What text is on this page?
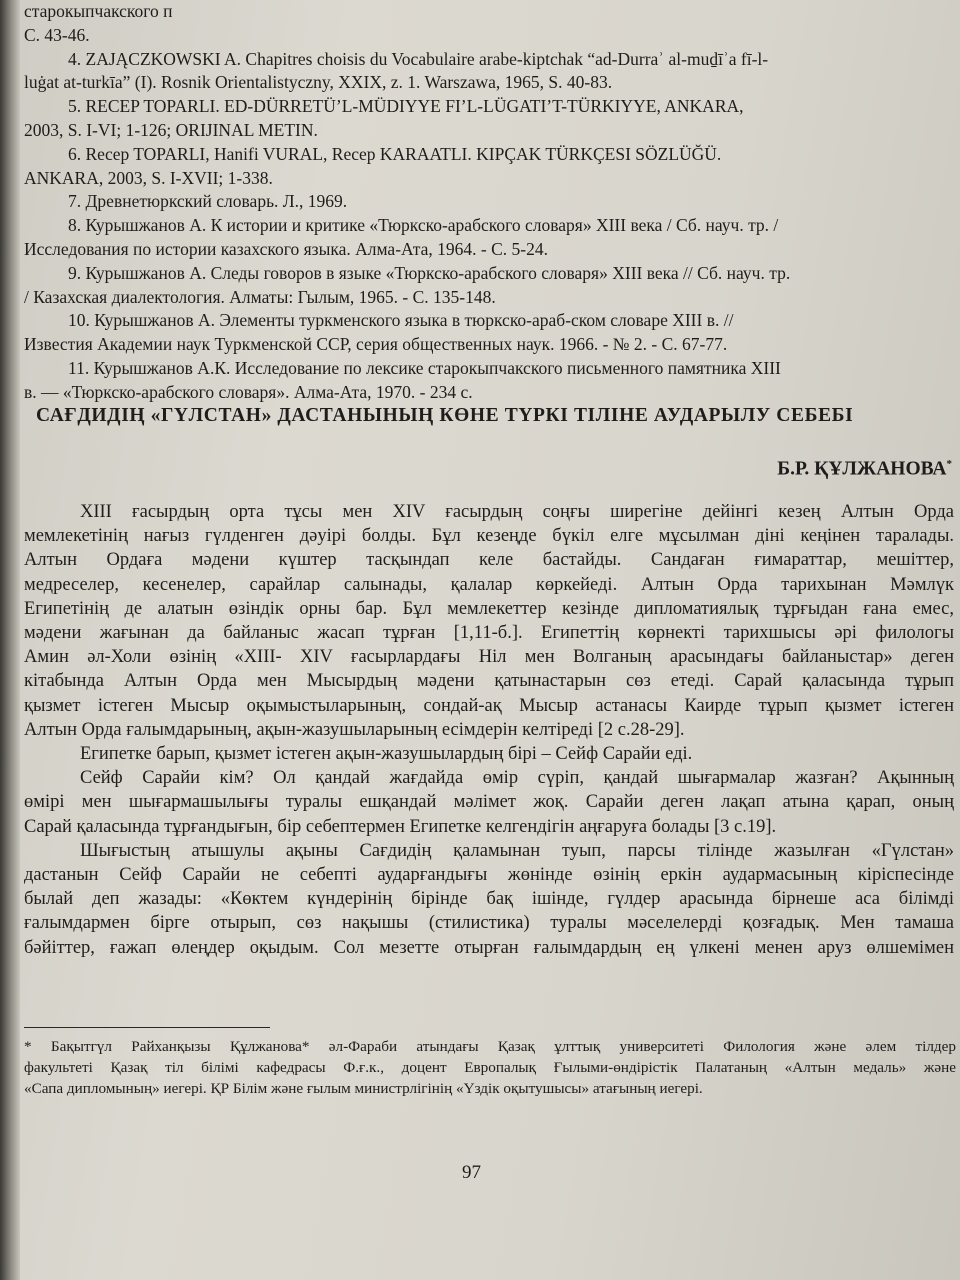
старокыпчакского п

С. 43-46.

4. ZAJĄCZKOWSKI A. Chapitres choisis du Vocabulaire arabe-kiptchak “ad-Durraʾ al-muḏīʾa fī-l-

luġat at-turkīa” (I). Rosnik Orientalistyczny, XXIX, z. 1. Warszawa, 1965, S. 40-83.

5. RECEP TOPARLI. ED-DÜRRETÜ’L-MÜDIYYE FI’L-LÜGATI’T-TÜRKIYYE, ANKARA,

2003, S. I-VI; 1-126; ORIJINAL METIN.

6. Recep TOPARLI, Hanifi VURAL, Recep KARAATLI. KIPÇAK TÜRKÇESI SÖZLÜĞÜ.

ANKARA, 2003, S. I-XVII; 1-338.

7. Древнетюркский словарь. Л., 1969.

8. Курышжанов А. К истории и критике «Тюркско-арабского словаря» XIII века / Сб. науч. тр. /

Исследования по истории казахского языка. Алма-Ата, 1964. - С. 5-24.

9. Курышжанов А. Следы говоров в языке «Тюркско-арабского словаря» XIII века // Сб. науч. тр.

/ Казахская диалектология. Алматы: Гылым, 1965. - С. 135-148.

10. Курышжанов А. Элементы туркменского языка в тюркско-араб-ском словаре XIII в. //

Известия Академии наук Туркменской ССР, серия общественных наук. 1966. - № 2. - С. 67-77.

11. Курышжанов А.К. Исследование по лексике старокыпчакского письменного памятника XIII

в. — «Тюркско-арабского словаря». Алма-Ата, 1970. - 234 с.

САҒДИДІҢ «ГҮЛСТАН» ДАСТАНЫНЫҢ КӨНЕ ТҮРКІ ТІЛІНЕ АУДАРЫЛУ СЕБЕБІ

Б.Р. ҚҰЛЖАНОВА*

XIII ғасырдың орта тұсы мен XIV ғасырдың соңғы ширегіне дейінгі кезең Алтын Орда
мемлекетінің нағыз гүлденген дәуірі болды. Бұл кезеңде бүкіл елге мұсылман діні кеңінен таралады.
Алтын Ордаға мәдени күштер тасқындап келе бастайды. Сандаған ғимараттар, мешіттер,
медреселер, кесенелер, сарайлар салынады, қалалар көркейеді. Алтын Орда тарихынан Мәмлүк
Египетінің де алатын өзіндік орны бар. Бұл мемлекеттер кезінде дипломатиялық тұрғыдан ғана емес,
мәдени жағынан да байланыс жасап тұрған [1,11-б.]. Египеттің көрнекті тарихшысы әрі филологы
Амин әл-Холи өзінің «XIII- XIV ғасырлардағы Ніл мен Волганың арасындағы байланыстар» деген
кітабында Алтын Орда мен Мысырдың мәдени қатынастарын сөз етеді. Сарай қаласында тұрып
қызмет істеген Мысыр оқымыстыларының, сондай-ақ Мысыр астанасы Каирде тұрып қызмет істеген
Алтын Орда ғалымдарының, ақын-жазушыларының есімдерін келтіреді [2 с.28-29].

Египетке барып, қызмет істеген ақын-жазушылардың бірі – Сейф Сарайи еді.

Сейф Сарайи кім? Ол қандай жағдайда өмір сүріп, қандай шығармалар жазған? Ақынның
өмірі мен шығармашылығы туралы ешқандай мәлімет жоқ. Сарайи деген лақап атына қарап, оның
Сарай қаласында тұрғандығын, бір себептермен Египетке келгендігін аңғаруға болады [3 с.19].

Шығыстың атышулы ақыны Сағдидің қаламынан туып, парсы тілінде жазылған «Гүлстан»
дастанын Сейф Сарайи не себепті аударғандығы жөнінде өзінің еркін аудармасының кіріспесінде
былай деп жазады: «Көктем күндерінің бірінде бақ ішінде, гүлдер арасында бірнеше аса білімді
ғалымдармен бірге отырып, сөз нақышы (стилистика) туралы мәселелерді қозғадық. Мен тамаша
бәйіттер, ғажап өлеңдер оқыдым. Сол мезетте отырған ғалымдардың ең үлкені менен аруз өлшемімен

* Бақытгүл Райханқызы Құлжанова* әл-Фараби атындағы Қазақ ұлттық университеті Филология және әлем тілдер
факультеті Қазақ тіл білімі кафедрасы Ф.ғ.к., доцент Европалық Ғылыми-өндірістік Палатаның «Алтын медаль» және
«Сапа дипломының» иегері. ҚР Білім және ғылым министрлігінің «Үздік оқытушысы» атағының иегері.
97
